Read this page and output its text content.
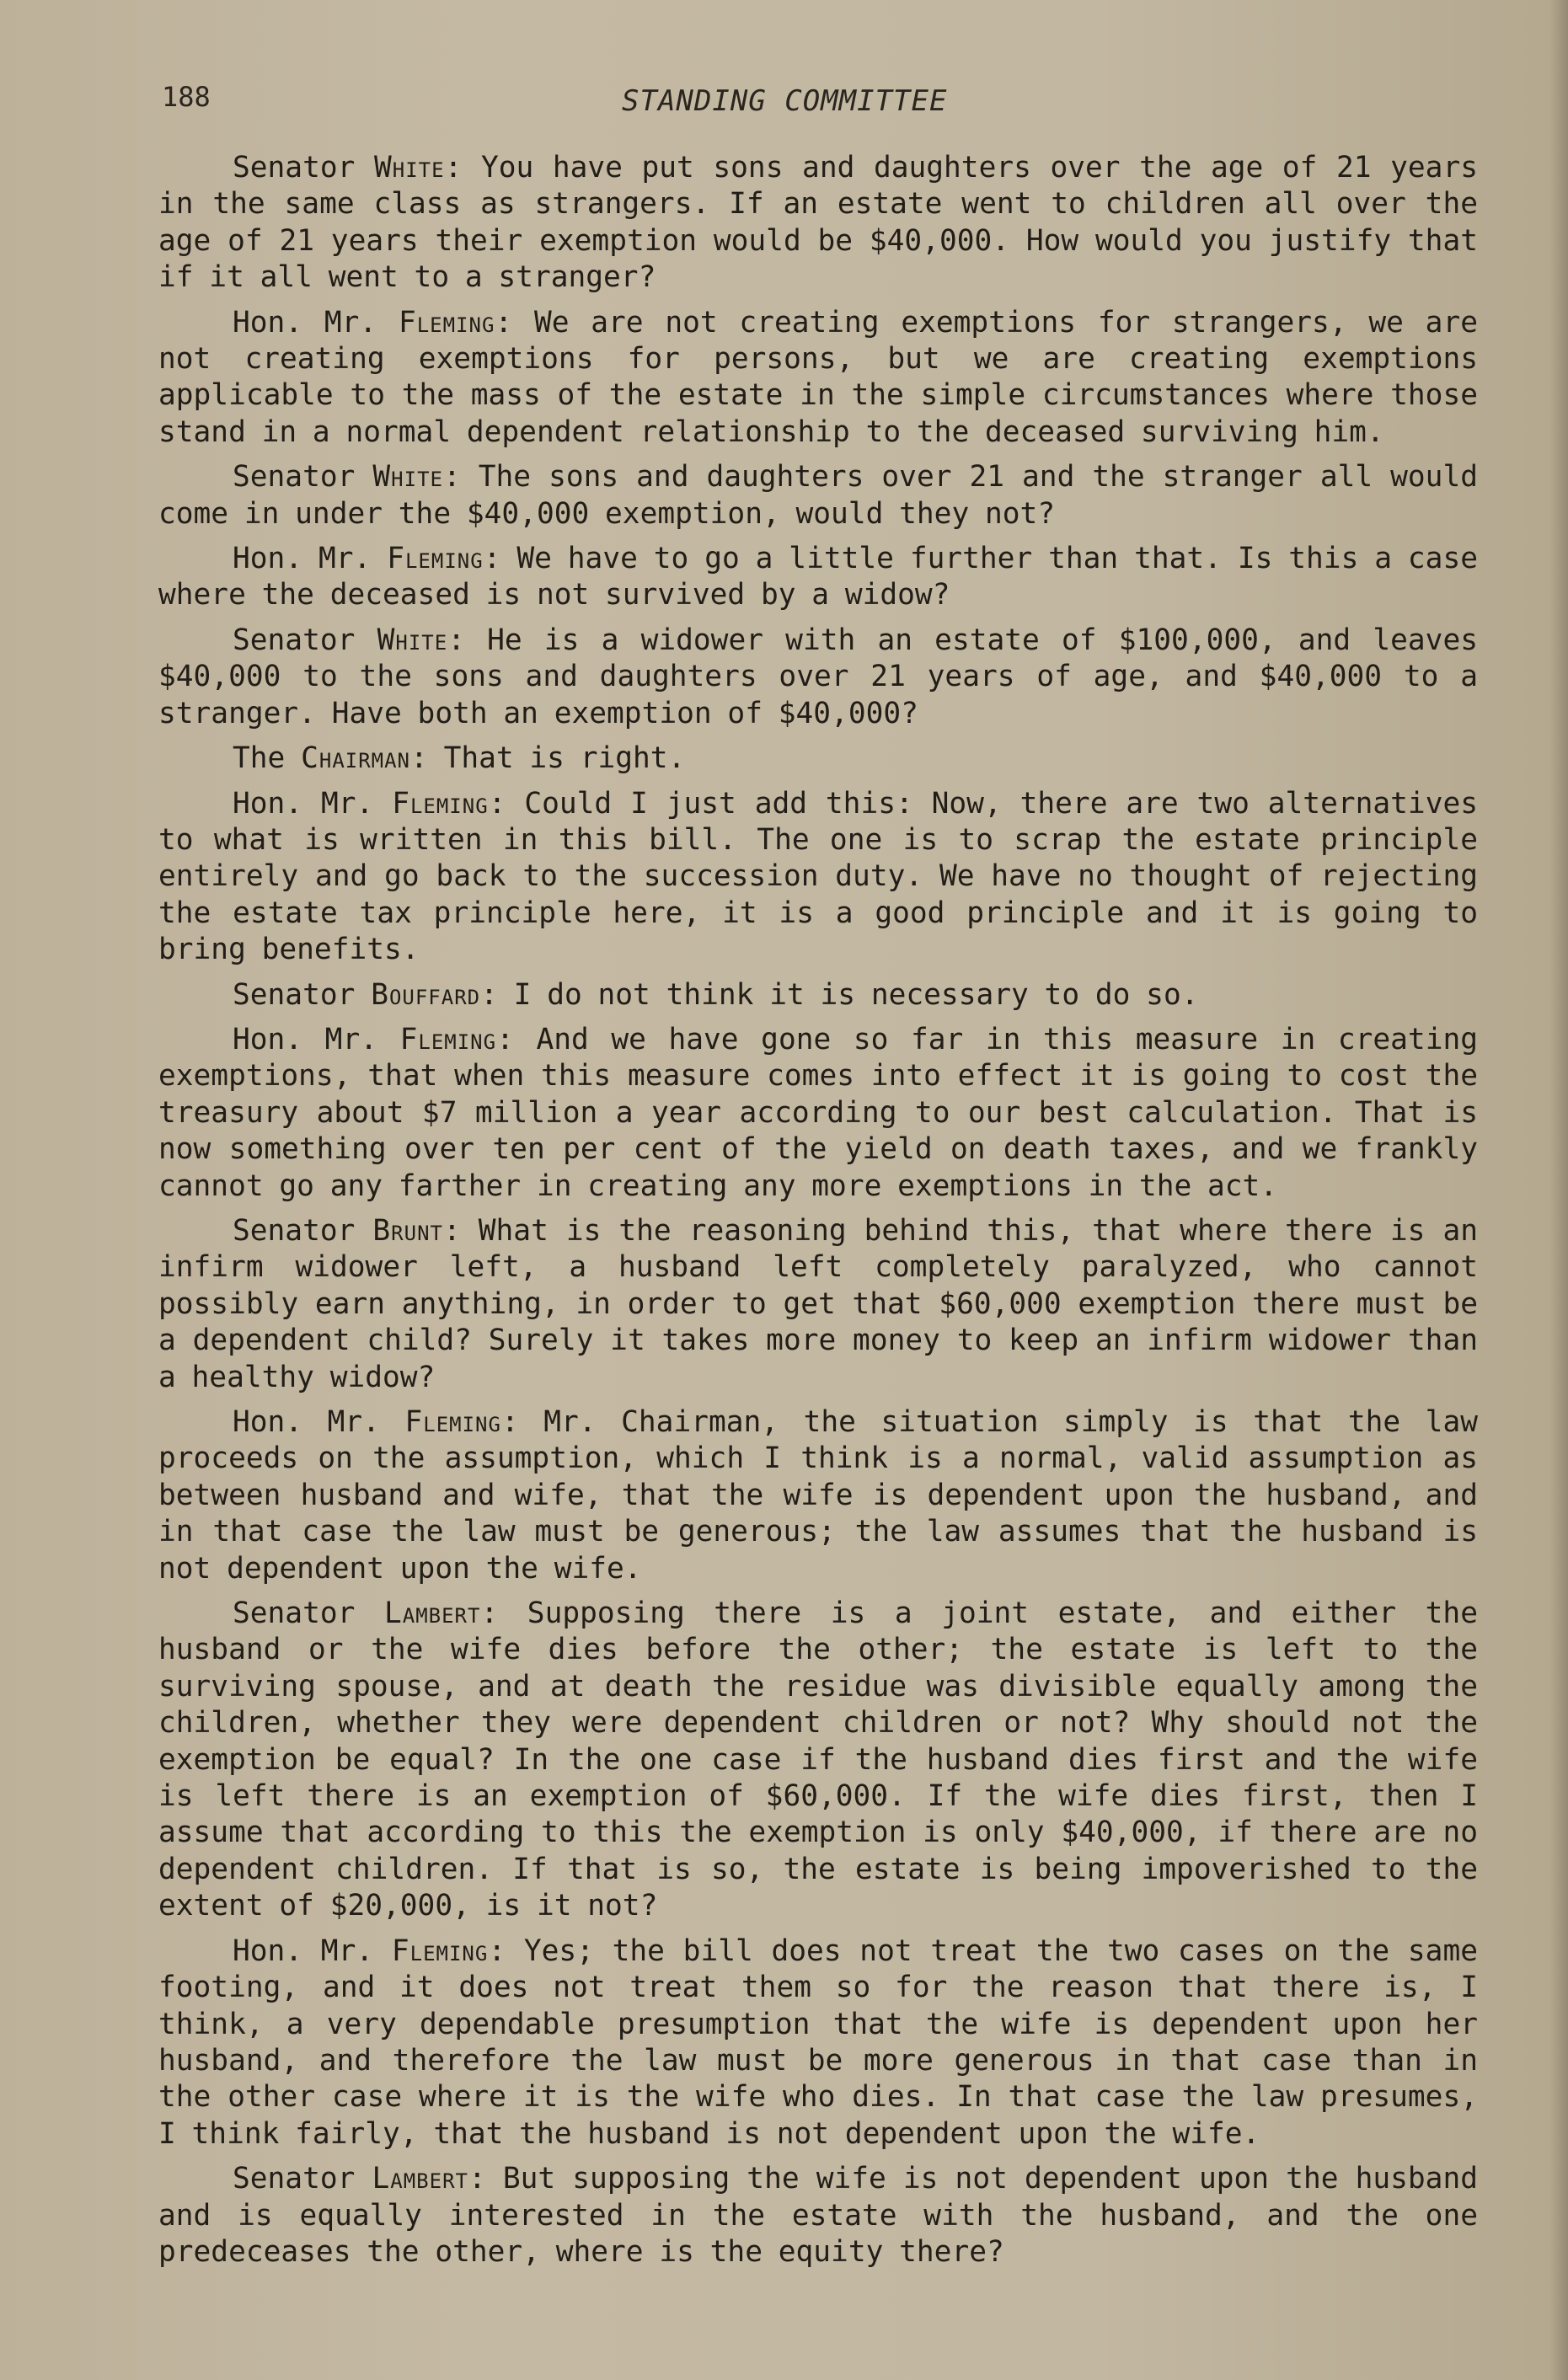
188	STANDING COMMITTEE

Senator White: You have put sons and daughters over the age of 21 years in the same class as strangers. If an estate went to children all over the age of 21 years their exemption would be $40,000. How would you justify that if it all went to a stranger?

Hon. Mr. Fleming: We are not creating exemptions for strangers, we are not creating exemptions for persons, but we are creating exemptions applicable to the mass of the estate in the simple circumstances where those stand in a normal dependent relationship to the deceased surviving him.

Senator White: The sons and daughters over 21 and the stranger all would come in under the $40,000 exemption, would they not?

Hon. Mr. Fleming: We have to go a little further than that. Is this a case where the deceased is not survived by a widow?

Senator White: He is a widower with an estate of $100,000, and leaves $40,000 to the sons and daughters over 21 years of age, and $40,000 to a stranger. Have both an exemption of $40,000?

The Chairman: That is right.

Hon. Mr. Fleming: Could I just add this: Now, there are two alternatives to what is written in this bill. The one is to scrap the estate principle entirely and go back to the succession duty. We have no thought of rejecting the estate tax principle here, it is a good principle and it is going to bring benefits.

Senator Bouffard: I do not think it is necessary to do so.

Hon. Mr. Fleming: And we have gone so far in this measure in creating exemptions, that when this measure comes into effect it is going to cost the treasury about $7 million a year according to our best calculation. That is now something over ten per cent of the yield on death taxes, and we frankly cannot go any farther in creating any more exemptions in the act.

Senator Brunt: What is the reasoning behind this, that where there is an infirm widower left, a husband left completely paralyzed, who cannot possibly earn anything, in order to get that $60,000 exemption there must be a dependent child? Surely it takes more money to keep an infirm widower than a healthy widow?

Hon. Mr. Fleming: Mr. Chairman, the situation simply is that the law proceeds on the assumption, which I think is a normal, valid assumption as between husband and wife, that the wife is dependent upon the husband, and in that case the law must be generous; the law assumes that the husband is not dependent upon the wife.

Senator Lambert: Supposing there is a joint estate, and either the husband or the wife dies before the other; the estate is left to the surviving spouse, and at death the residue was divisible equally among the children, whether they were dependent children or not? Why should not the exemption be equal? In the one case if the husband dies first and the wife is left there is an exemption of $60,000. If the wife dies first, then I assume that according to this the exemption is only $40,000, if there are no dependent children. If that is so, the estate is being impoverished to the extent of $20,000, is it not?

Hon. Mr. Fleming: Yes; the bill does not treat the two cases on the same footing, and it does not treat them so for the reason that there is, I think, a very dependable presumption that the wife is dependent upon her husband, and therefore the law must be more generous in that case than in the other case where it is the wife who dies. In that case the law presumes, I think fairly, that the husband is not dependent upon the wife.

Senator Lambert: But supposing the wife is not dependent upon the husband and is equally interested in the estate with the husband, and the one predeceases the other, where is the equity there?
